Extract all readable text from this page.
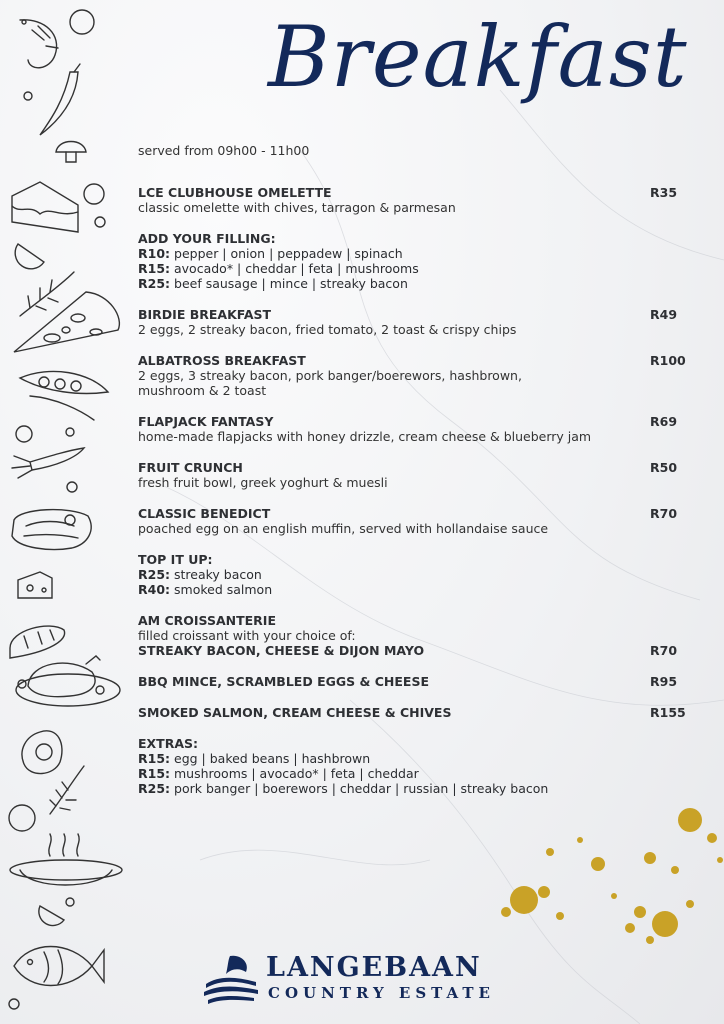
Breakfast
served from 09h00 - 11h00
LCE CLUBHOUSE OMELETTE	R35
classic omelette with chives, tarragon & parmesan
ADD YOUR FILLING:
R10: pepper | onion | peppadew | spinach
R15: avocado* | cheddar | feta | mushrooms
R25: beef sausage | mince | streaky bacon
BIRDIE BREAKFAST	R49
2 eggs, 2 streaky bacon, fried tomato, 2 toast & crispy chips
ALBATROSS BREAKFAST	R100
2 eggs, 3 streaky bacon, pork banger/boerewors, hashbrown,
mushroom & 2 toast
FLAPJACK FANTASY	R69
home-made flapjacks with honey drizzle, cream cheese & blueberry jam
FRUIT CRUNCH	R50
fresh fruit bowl, greek yoghurt & muesli
CLASSIC BENEDICT	R70
poached egg on an english muffin, served with hollandaise sauce
TOP IT UP:
R25: streaky bacon
R40: smoked salmon
AM CROISSANTERIE
filled croissant with your choice of:
STREAKY BACON, CHEESE & DIJON MAYO	R70
BBQ MINCE, SCRAMBLED EGGS & CHEESE	R95
SMOKED SALMON, CREAM CHEESE & CHIVES	R155
EXTRAS:
R15: egg | baked beans | hashbrown
R15: mushrooms | avocado* | feta | cheddar
R25: pork banger | boerewors | cheddar | russian | streaky bacon
LANGEBAAN
COUNTRY ESTATE
